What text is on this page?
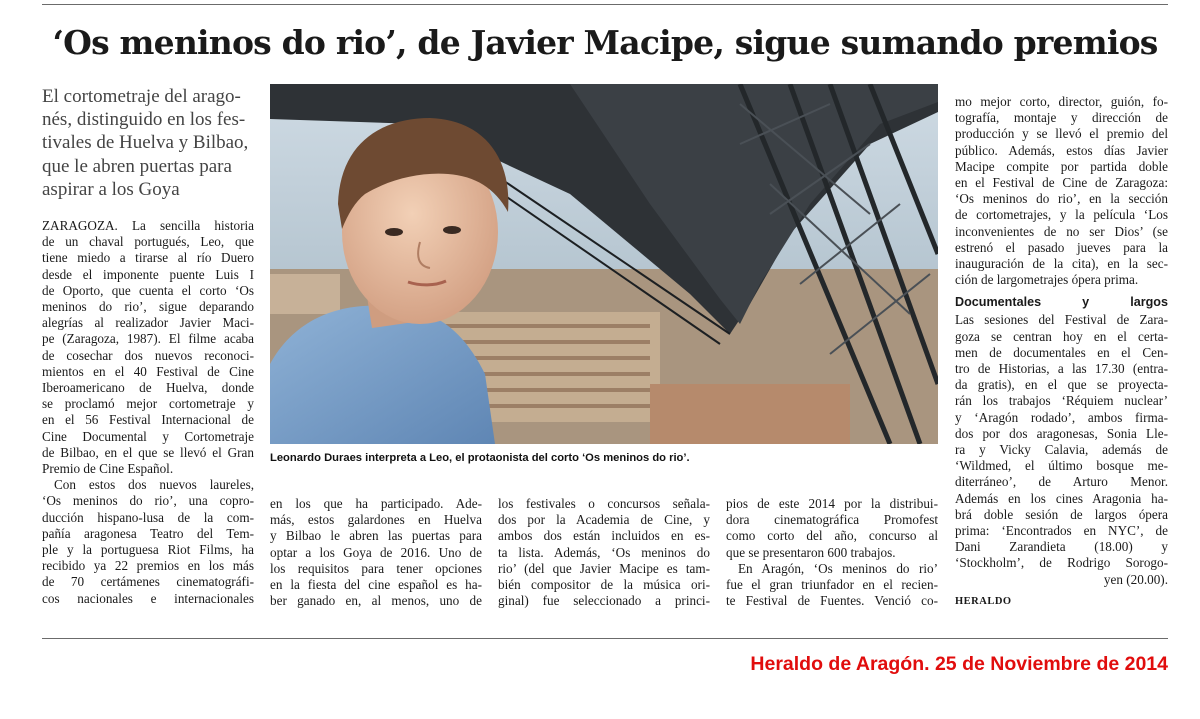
‘Os meninos do rio’, de Javier Macipe, sigue sumando premios
El cortometraje del arago-
nés, distinguido en los fes-
tivales de Huelva y Bilbao,
que le abren puertas para
aspirar a los Goya
ZARAGOZA. La sencilla historia
de un chaval portugués, Leo, que
tiene miedo a tirarse al río Duero
desde el imponente puente Luis I
de Oporto, que cuenta el corto ‘Os
meninos do rio’, sigue deparando
alegrías al realizador Javier Maci-
pe (Zaragoza, 1987). El filme acaba
de cosechar dos nuevos reconoci-
mientos en el 40 Festival de Cine
Iberoamericano de Huelva, donde
se proclamó mejor cortometraje y
en el 56 Festival Internacional de
Cine Documental y Cortometraje
de Bilbao, en el que se llevó el Gran
Premio de Cine Español.
Con estos dos nuevos laureles,
‘Os meninos do rio’, una copro-
ducción hispano-lusa de la com-
pañía aragonesa Teatro del Tem-
ple y la portuguesa Riot Films, ha
recibido ya 22 premios en los más
de 70 certámenes cinematográfi-
cos nacionales e internacionales

Leonardo Duraes interpreta a Leo, el protaonista del corto ‘Os meninos do rio’.

en los que ha participado. Ade-
más, estos galardones en Huelva
y Bilbao le abren las puertas para
optar a los Goya de 2016. Uno de
los requisitos para tener opciones
en la fiesta del cine español es ha-
ber ganado en, al menos, uno de
los festivales o concursos señala-
dos por la Academia de Cine, y
ambos dos están incluidos en es-
ta lista. Además, ‘Os meninos do
rio’ (del que Javier Macipe es tam-
bién compositor de la música ori-
ginal) fue seleccionado a princi-
pios de este 2014 por la distribui-
dora cinematográfica Promofest
como corto del año, concurso al
que se presentaron 600 trabajos.
En Aragón, ‘Os meninos do rio’
fue el gran triunfador en el recien-
te Festival de Fuentes. Venció co-
mo mejor corto, director, guión, fo-
tografía, montaje y dirección de
producción y se llevó el premio del
público. Además, estos días Javier
Macipe compite por partida doble
en el Festival de Cine de Zaragoza:
‘Os meninos do rio’, en la sección
de cortometrajes, y la película ‘Los
inconvenientes de no ser Dios’ (se
estrenó el pasado jueves para la
inauguración de la cita), en la sec-
ción de largometrajes ópera prima.
Documentales y largos
Las sesiones del Festival de Zara-
goza se centran hoy en el certa-
men de documentales en el Cen-
tro de Historias, a las 17.30 (entra-
da gratis), en el que se proyecta-
rán los trabajos ‘Réquiem nuclear’
y ‘Aragón rodado’, ambos firma-
dos por dos aragonesas, Sonia Lle-
ra y Vicky Calavia, además de
‘Wildmed, el último bosque me-
diterráneo’, de Arturo Menor.
Además en los cines Aragonia ha-
brá doble sesión de largos ópera
prima: ‘Encontrados en NYC’, de
Dani Zarandieta (18.00) y
‘Stockholm’, de Rodrigo Sorogo-
yen (20.00).
HERALDO

Heraldo de Aragón. 25 de Noviembre de 2014
